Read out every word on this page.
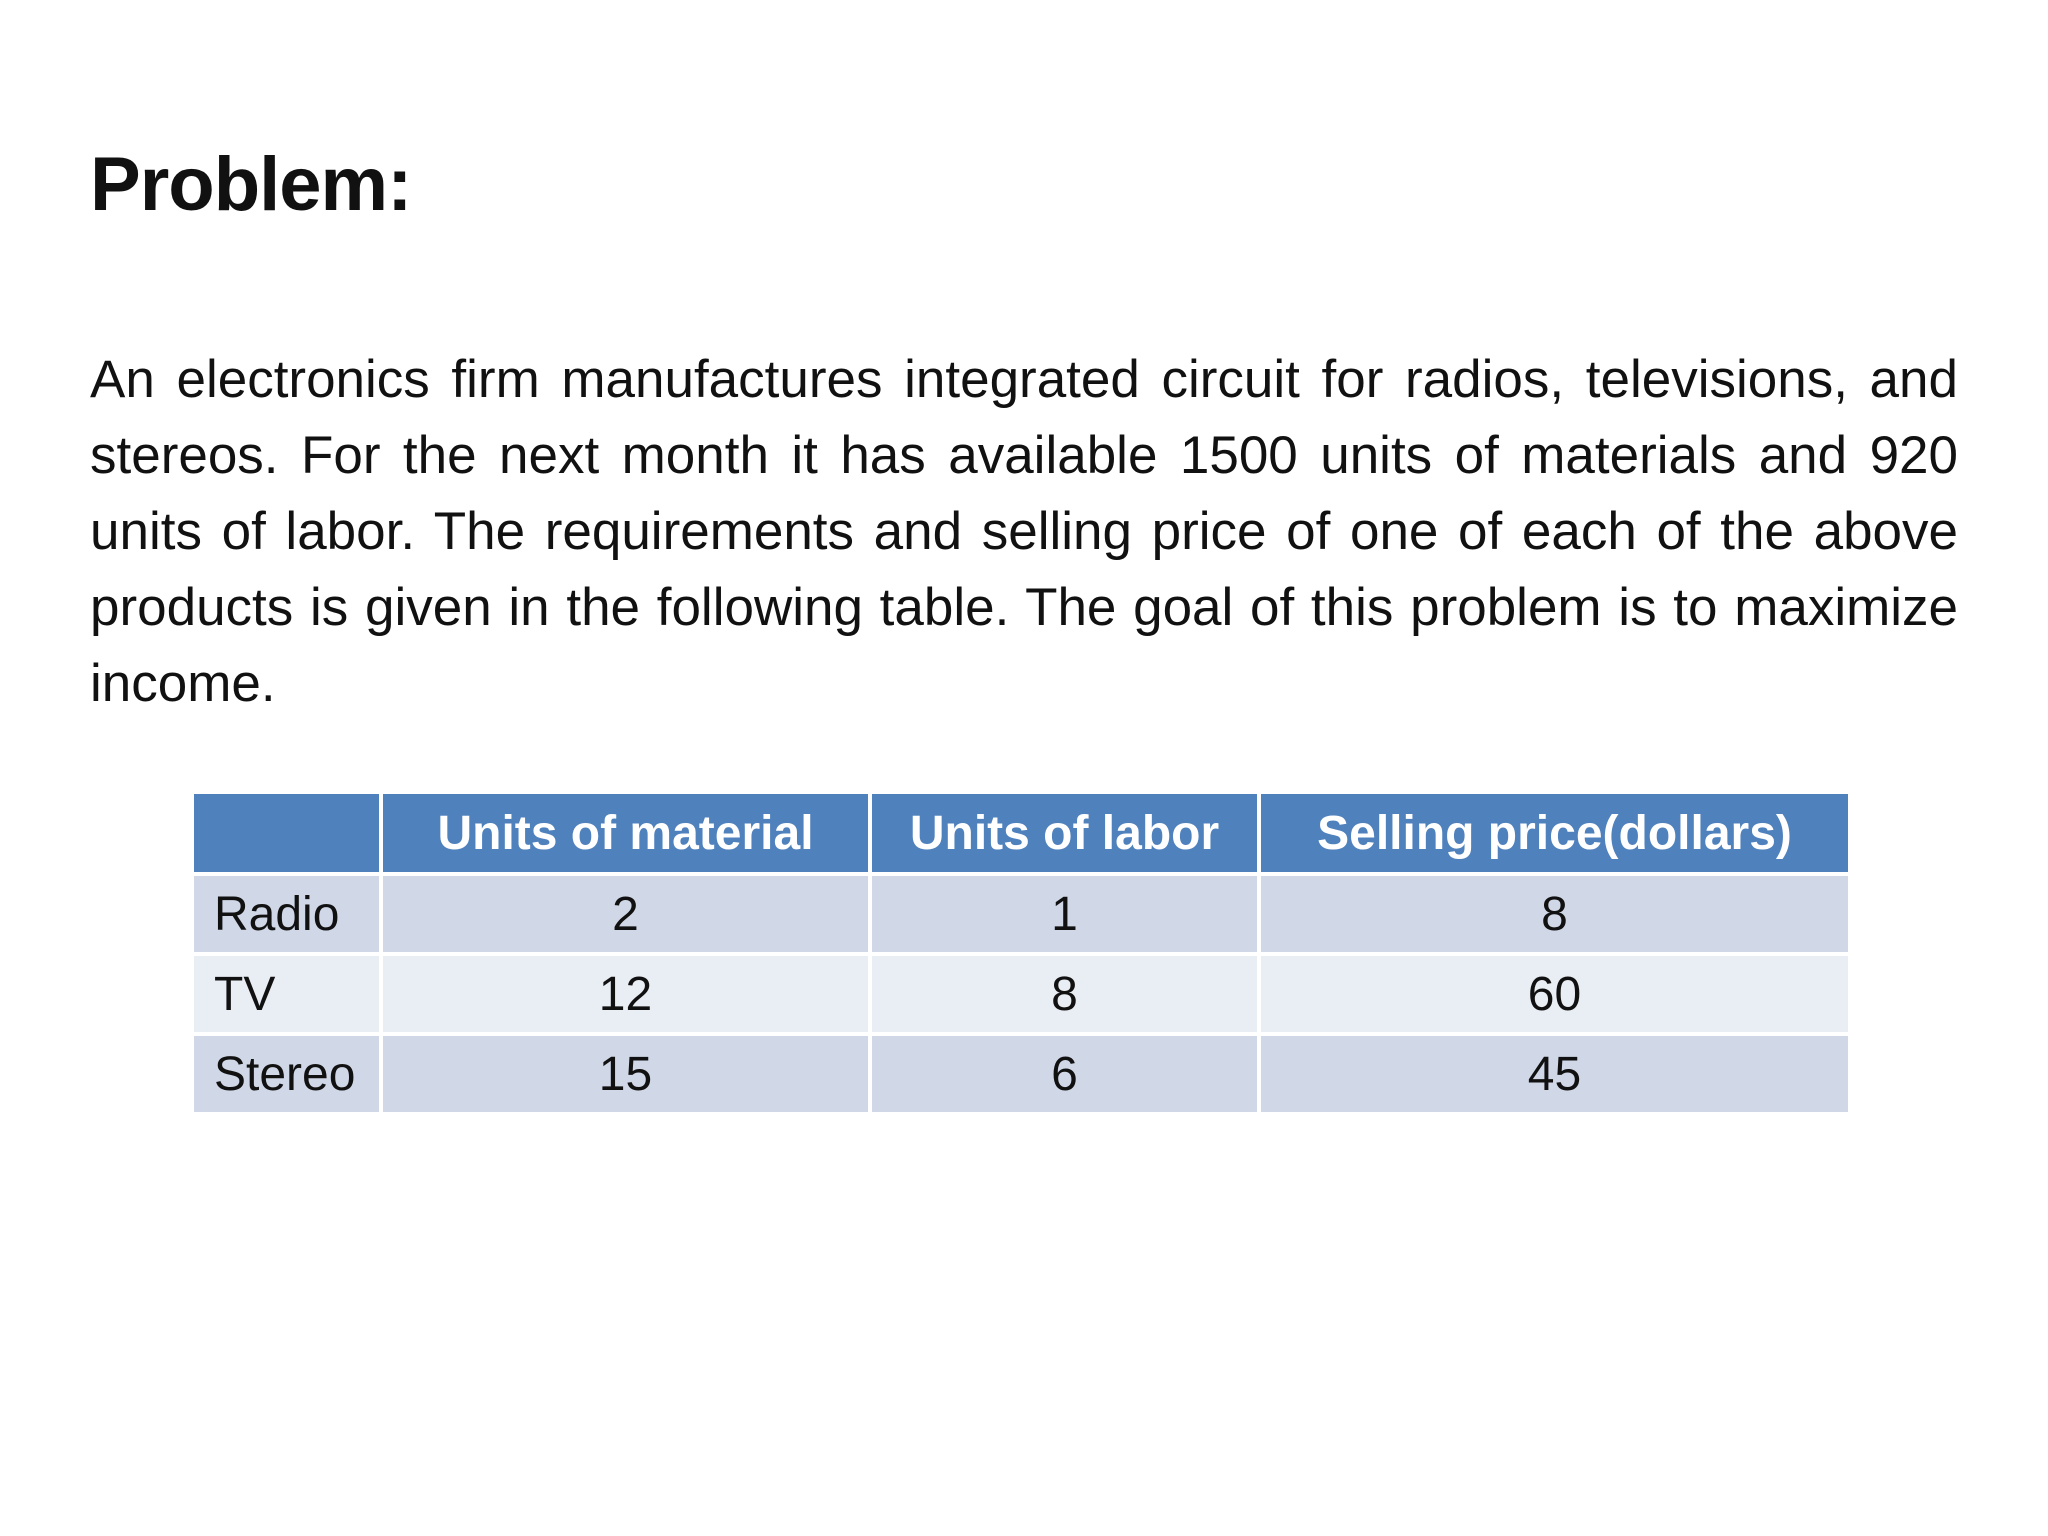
Problem:

An electronics firm manufactures integrated circuit for radios, televisions, and stereos. For the next month it has available 1500 units of materials and 920 units of labor. The requirements and selling price of one of each of the above products is given in the following table. The goal of this problem is to maximize income.

	Units of material	Units of labor	Selling price(dollars)
Radio	2	1	8
TV	12	8	60
Stereo	15	6	45
